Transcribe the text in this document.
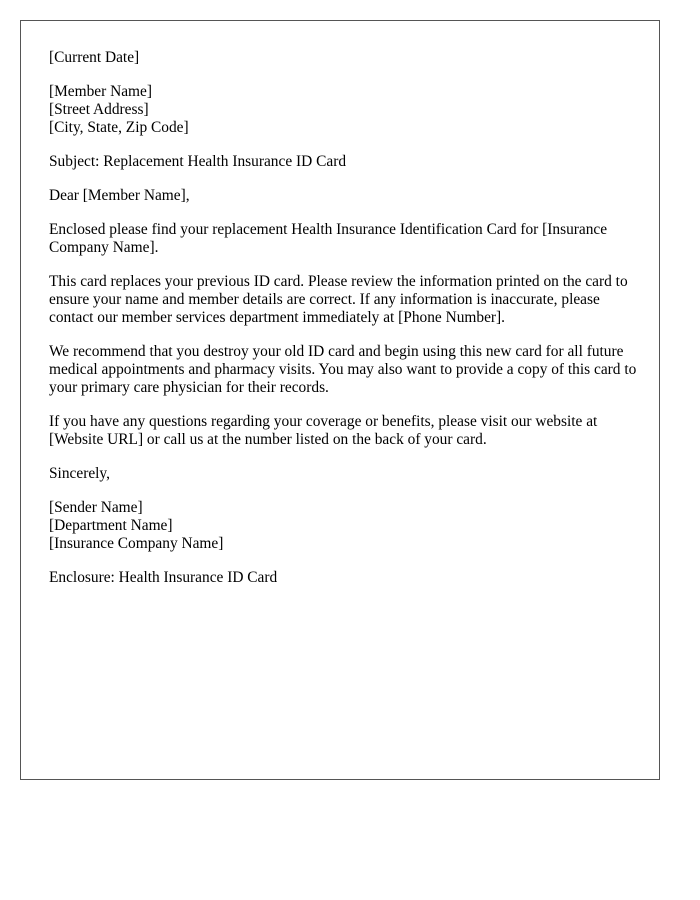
[Current Date]
[Member Name]
[Street Address]
[City, State, Zip Code]
Subject: Replacement Health Insurance ID Card
Dear [Member Name],

Enclosed please find your replacement Health Insurance Identification Card for [Insurance Company Name].

This card replaces your previous ID card. Please review the information printed on the card to ensure your name and member details are correct. If any information is inaccurate, please contact our member services department immediately at [Phone Number].

We recommend that you destroy your old ID card and begin using this new card for all future medical appointments and pharmacy visits. You may also want to provide a copy of this card to your primary care physician for their records.

If you have any questions regarding your coverage or benefits, please visit our website at [Website URL] or call us at the number listed on the back of your card.

Sincerely,
[Sender Name]
[Department Name]
[Insurance Company Name]
Enclosure: Health Insurance ID Card
